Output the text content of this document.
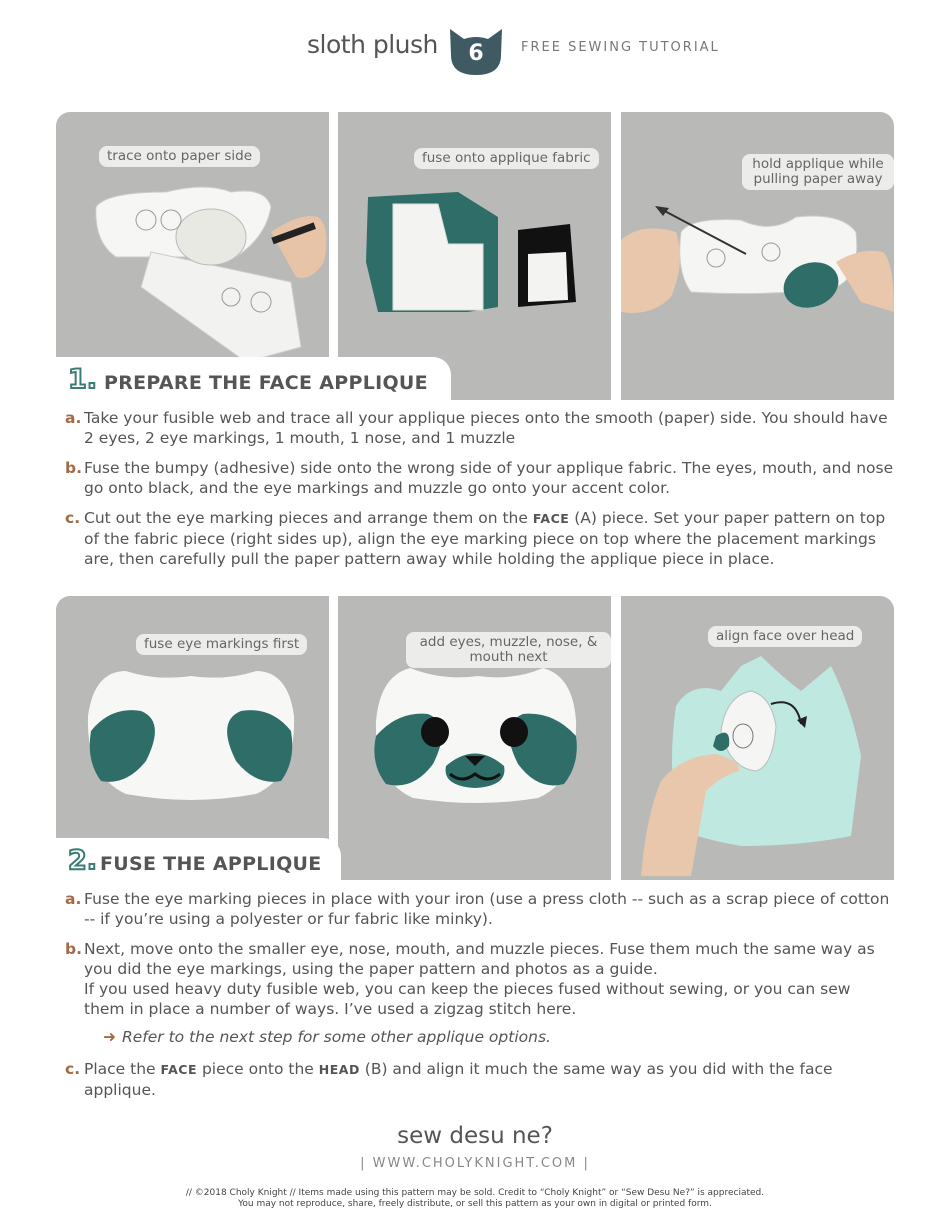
sloth plush	6	FREE SEWING TUTORIAL
trace onto paper side	fuse onto applique fabric	hold applique while pulling paper away
1. PREPARE THE FACE APPLIQUE
a. Take your fusible web and trace all your applique pieces onto the smooth (paper) side. You should have 2 eyes, 2 eye markings, 1 mouth, 1 nose, and 1 muzzle
b. Fuse the bumpy (adhesive) side onto the wrong side of your applique fabric. The eyes, mouth, and nose go onto black, and the eye markings and muzzle go onto your accent color.
c. Cut out the eye marking pieces and arrange them on the FACE (A) piece. Set your paper pattern on top of the fabric piece (right sides up), align the eye marking piece on top where the placement markings are, then carefully pull the paper pattern away while holding the applique piece in place.
fuse eye markings first	add eyes, muzzle, nose, & mouth next
align face over head
2. FUSE THE APPLIQUE
a. Fuse the eye marking pieces in place with your iron (use a press cloth -- such as a scrap piece of cotton -- if you’re using a polyester or fur fabric like minky).
b. Next, move onto the smaller eye, nose, mouth, and muzzle pieces. Fuse them much the same way as you did the eye markings, using the paper pattern and photos as a guide.
If you used heavy duty fusible web, you can keep the pieces fused without sewing, or you can sew them in place a number of ways. I’ve used a zigzag stitch here.
➜ Refer to the next step for some other applique options.
c. Place the FACE piece onto the HEAD (B) and align it much the same way as you did with the face applique.
sew desu ne?
| WWW.CHOLYKNIGHT.COM |
// ©2018 Choly Knight // Items made using this pattern may be sold. Credit to “Choly Knight” or “Sew Desu Ne?” is appreciated.
You may not reproduce, share, freely distribute, or sell this pattern as your own in digital or printed form.
